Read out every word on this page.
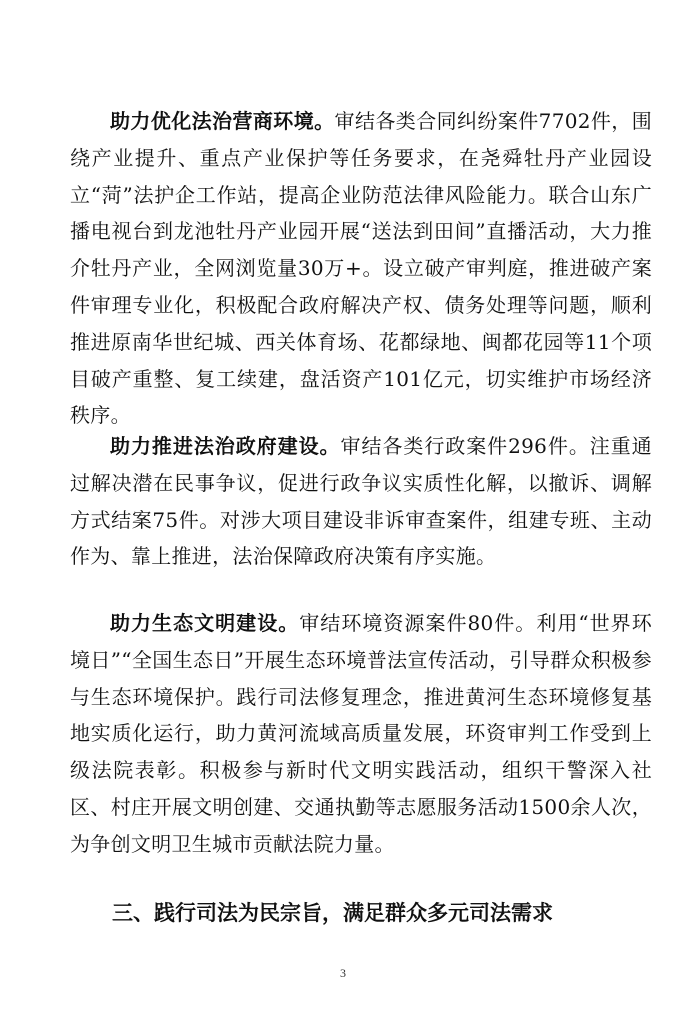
助力优化法治营商环境。审结各类合同纠纷案件7702件，围绕产业提升、重点产业保护等任务要求，在尧舜牡丹产业园设立“菏”法护企工作站，提高企业防范法律风险能力。联合山东广播电视台到龙池牡丹产业园开展“送法到田间”直播活动，大力推介牡丹产业，全网浏览量30万+。设立破产审判庭，推进破产案件审理专业化，积极配合政府解决产权、债务处理等问题，顺利推进原南华世纪城、西关体育场、花都绿地、闽都花园等11个项目破产重整、复工续建，盘活资产101亿元，切实维护市场经济秩序。

助力推进法治政府建设。审结各类行政案件296件。注重通过解决潜在民事争议，促进行政争议实质性化解，以撤诉、调解方式结案75件。对涉大项目建设非诉审查案件，组建专班、主动作为、靠上推进，法治保障政府决策有序实施。

助力生态文明建设。审结环境资源案件80件。利用“世界环境日”“全国生态日”开展生态环境普法宣传活动，引导群众积极参与生态环境保护。践行司法修复理念，推进黄河生态环境修复基地实质化运行，助力黄河流域高质量发展，环资审判工作受到上级法院表彰。积极参与新时代文明实践活动，组织干警深入社区、村庄开展文明创建、交通执勤等志愿服务活动1500余人次，为争创文明卫生城市贡献法院力量。

三、践行司法为民宗旨，满足群众多元司法需求
3
